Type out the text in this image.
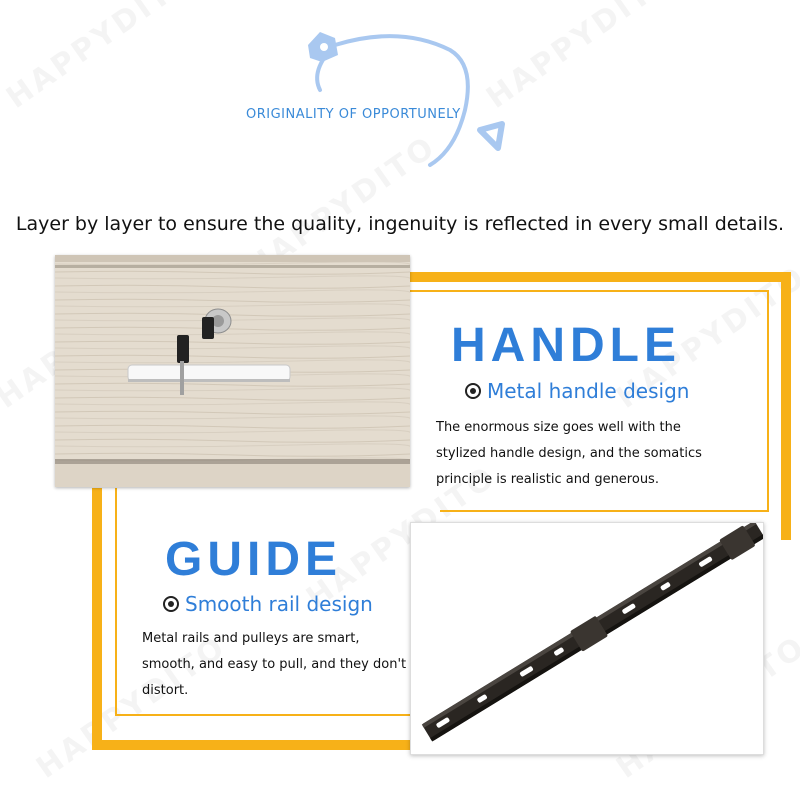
ORIGINALITY OF OPPORTUNELY
Layer by layer to ensure the quality, ingenuity is reflected in every small details.
HANDLE
Metal handle design
The enormous size goes well with the
stylized handle design, and the somatics
principle is realistic and generous.
GUIDE
Smooth rail design
Metal rails and pulleys are smart,
smooth, and easy to pull, and they don't
distort.
